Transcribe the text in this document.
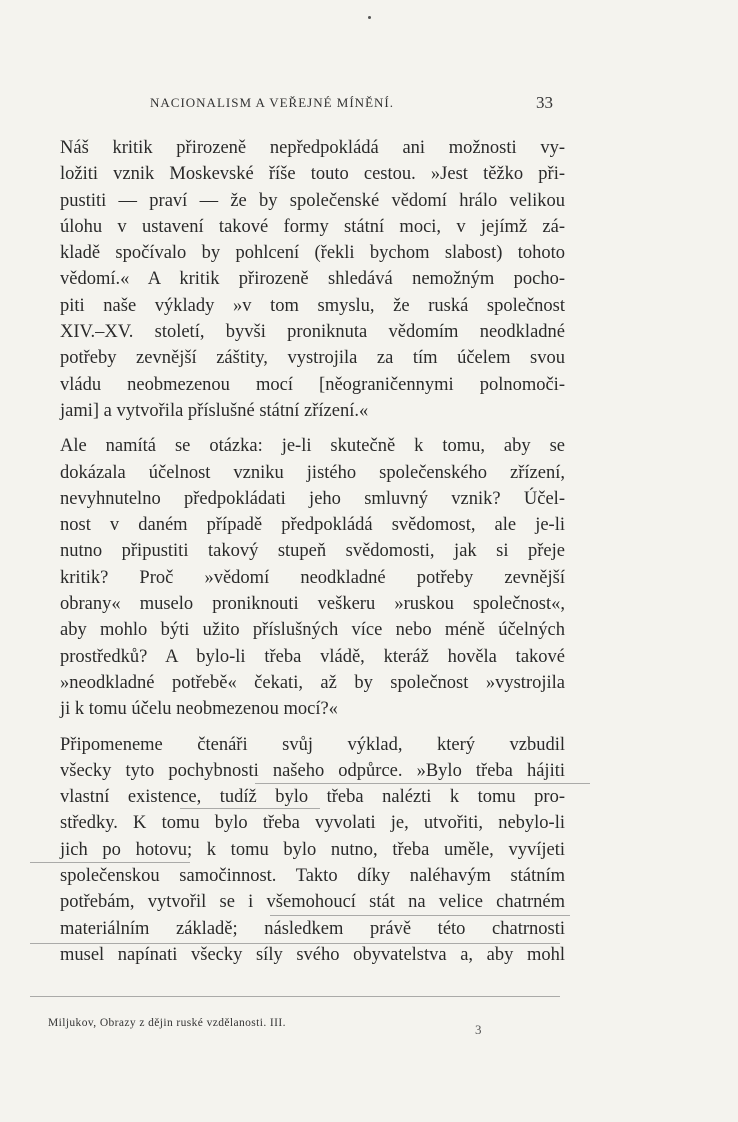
NACIONALISM A VEŘEJNÉ MÍNĚNÍ.	33

Náš kritik přirozeně nepředpokládá ani možnosti vy-
ložiti vznik Moskevské říše touto cestou. »Jest těžko při-
pustiti — praví — že by společenské vědomí hrálo velikou
úlohu v ustavení takové formy státní moci, v jejímž zá-
kladě spočívalo by pohlcení (řekli bychom slabost) tohoto
vědomí.« A kritik přirozeně shledává nemožným pocho-
piti naše výklady »v tom smyslu, že ruská společnost
XIV.–XV. století, byvši proniknuta vědomím neodkladné
potřeby zevnější záštity, vystrojila za tím účelem svou
vládu neobmezenou mocí [něograničennymi polnomoči-
jami] a vytvořila příslušné státní zřízení.«

Ale namítá se otázka: je-li skutečně k tomu, aby se
dokázala účelnost vzniku jistého společenského zřízení,
nevyhnutelno předpokládati jeho smluvný vznik? Účel-
nost v daném případě předpokládá svědomost, ale je-li
nutno připustiti takový stupeň svědomosti, jak si přeje
kritik? Proč »vědomí neodkladné potřeby zevnější
obrany« muselo proniknouti veškeru »ruskou společnost«,
aby mohlo býti užito příslušných více nebo méně účelných
prostředků? A bylo-li třeba vládě, kteráž hověla takové
»neodkladné potřebě« čekati, až by společnost »vystrojila
ji k tomu účelu neobmezenou mocí?«

Připomeneme čtenáři svůj výklad, který vzbudil
všecky tyto pochybnosti našeho odpůrce. »Bylo třeba hájiti
vlastní existence, tudíž bylo třeba nalézti k tomu pro-
středky. K tomu bylo třeba vyvolati je, utvořiti, nebylo-li
jich po hotovu; k tomu bylo nutno, třeba uměle, vyvíjeti
společenskou samočinnost. Takto díky naléhavým státním
potřebám, vytvořil se i všemohoucí stát na velice chatrném
materiálním základě; následkem právě této chatrnosti
musel napínati všecky síly svého obyvatelstva a, aby mohl

Miljukov, Obrazy z dějin ruské vzdělanosti. III.	3
